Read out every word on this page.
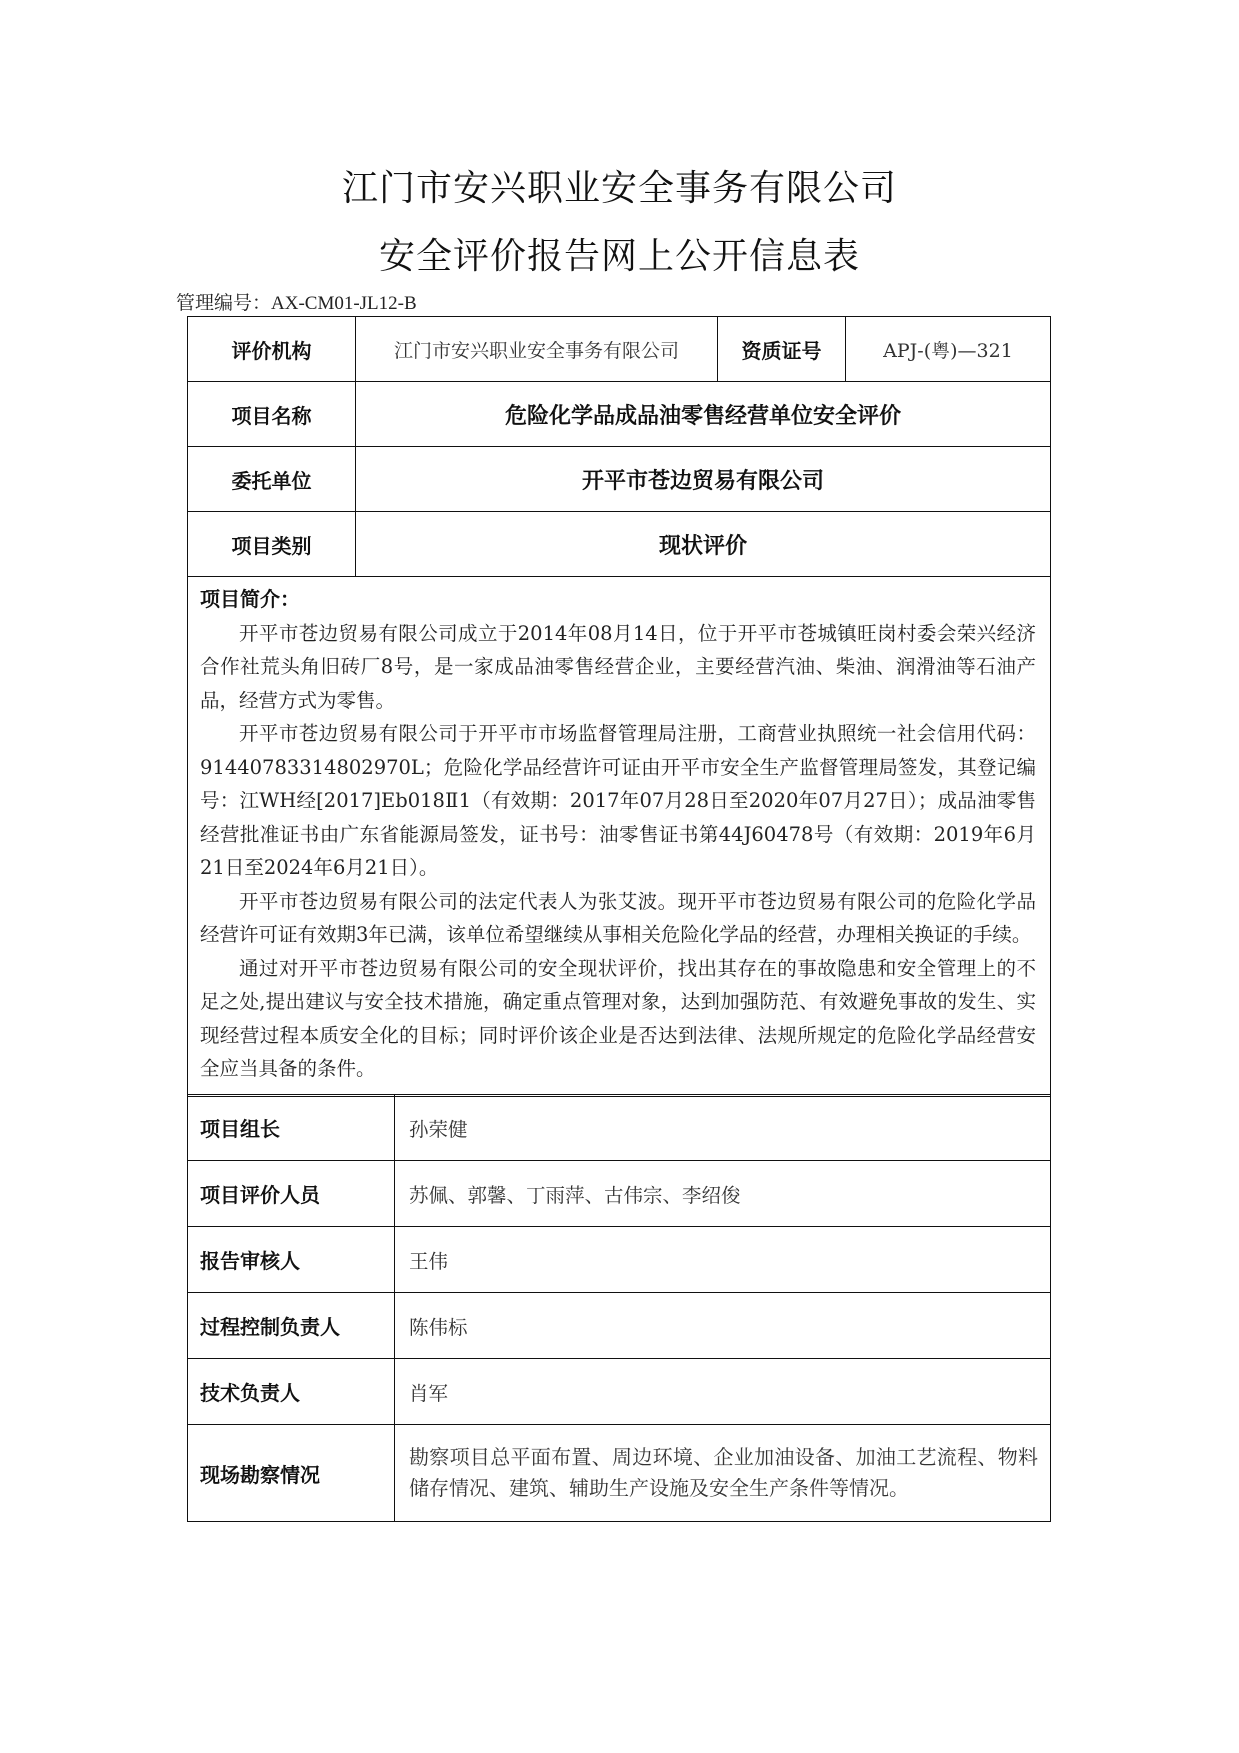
江门市安兴职业安全事务有限公司
安全评价报告网上公开信息表
管理编号：AX-CM01-JL12-B
评价机构	江门市安兴职业安全事务有限公司	资质证号	APJ-(粤)—321
项目名称	危险化学品成品油零售经营单位安全评价		
委托单位	开平市苍边贸易有限公司		
项目类别	现状评价		

项目简介：

开平市苍边贸易有限公司成立于2014年08月14日，位于开平市苍城镇旺岗村委会荣兴经济合作社荒头角旧砖厂8号，是一家成品油零售经营企业，主要经营汽油、柴油、润滑油等石油产品，经营方式为零售。

开平市苍边贸易有限公司于开平市市场监督管理局注册，工商营业执照统一社会信用代码：91440783314802970L；危险化学品经营许可证由开平市安全生产监督管理局签发，其登记编号：江WH经[2017]Eb018Ⅱ1（有效期：2017年07月28日至2020年07月27日）；成品油零售经营批准证书由广东省能源局签发，证书号：油零售证书第44J60478号（有效期：2019年6月21日至2024年6月21日）。

开平市苍边贸易有限公司的法定代表人为张艾波。现开平市苍边贸易有限公司的危险化学品经营许可证有效期3年已满，该单位希望继续从事相关危险化学品的经营，办理相关换证的手续。

通过对开平市苍边贸易有限公司的安全现状评价，找出其存在的事故隐患和安全管理上的不足之处,提出建议与安全技术措施，确定重点管理对象，达到加强防范、有效避免事故的发生、实现经营过程本质安全化的目标；同时评价该企业是否达到法律、法规所规定的危险化学品经营安全应当具备的条件。			

项目组长	孙荣健
项目评价人员	苏佩、郭馨、丁雨萍、古伟宗、李绍俊
报告审核人	王伟
过程控制负责人	陈伟标
技术负责人	肖军
现场勘察情况	勘察项目总平面布置、周边环境、企业加油设备、加油工艺流程、物料储存情况、建筑、辅助生产设施及安全生产条件等情况。
